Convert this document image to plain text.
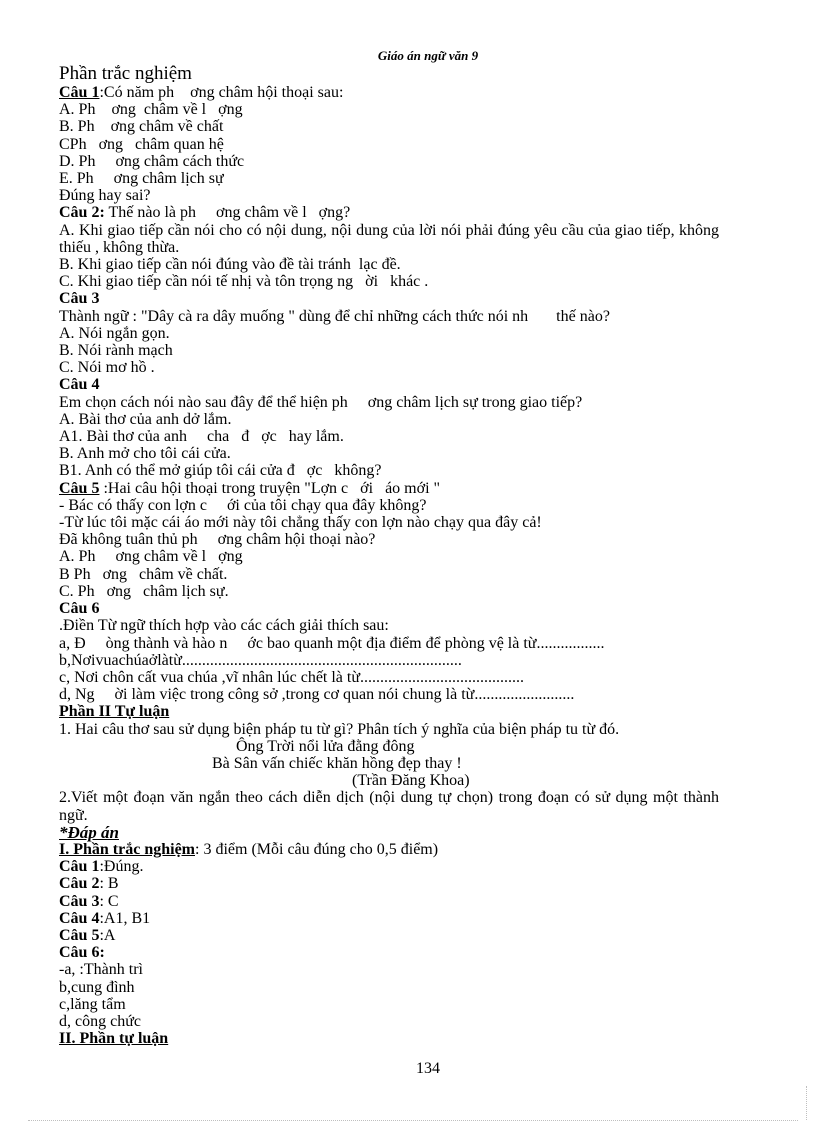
Giáo án ngữ văn 9
Phần trắc nghiệm
Câu 1:Có năm ph    ơng châm hội thoại sau:
A. Ph    ơng  châm về l   ợng
B. Ph    ơng châm về chất
CPh   ơng   châm quan hệ
D. Ph     ơng châm cách thức
E. Ph     ơng châm lịch sự
Đúng hay sai?
Câu 2: Thế nào là ph     ơng châm về l   ợng?
A. Khi giao tiếp cần nói cho có nội dung, nội dung của lời nói phải đúng yêu cầu của giao tiếp, không thiếu , không thừa.
B. Khi giao tiếp cần nói đúng vào đề tài tránh  lạc đề.
C. Khi giao tiếp cần nói tế nhị và tôn trọng ng   ời   khác .
Câu 3
Thành ngữ : "Dây cà ra dây muống " dùng để chỉ những cách thức nói nh       thế nào?
A. Nói ngắn gọn.
B. Nói rành mạch
C. Nói mơ hồ .
Câu 4
Em chọn cách nói nào sau đây để thể hiện ph     ơng châm lịch sự trong giao tiếp?
A. Bài thơ của anh dở lắm.
A1. Bài thơ của anh     cha   đ   ợc   hay lắm.
B. Anh mở cho tôi cái cửa.
B1. Anh có thể mở giúp tôi cái cửa đ   ợc   không?
Câu 5 :Hai câu hội thoại trong truyện "Lợn c   ới   áo mới "
- Bác có thấy con lợn c     ới của tôi chạy qua đây không?
-Từ lúc tôi mặc cái áo mới này tôi chẳng thấy con lợn nào chạy qua đây cả!
Đã không tuân thủ ph     ơng châm hội thoại nào?
A. Ph     ơng châm về l   ợng
B Ph   ơng   châm về chất.
C. Ph   ơng   châm lịch sự.
Câu 6
.Điền Từ ngữ thích hợp vào các cách giải thích sau:
a, Đ     òng thành và hào n     ớc bao quanh một địa điểm để phòng vệ là từ.................
b,Nơivuachúaởlàtừ......................................................................
c, Nơi chôn cất vua chúa ,vĩ nhân lúc chết là từ.........................................
d, Ng     ời làm việc trong công sở ,trong cơ quan nói chung là từ.........................
Phần II Tự luận
1. Hai câu thơ sau sử dụng biện pháp tu từ gì? Phân tích ý nghĩa của biện pháp tu từ đó.
Ông Trời nổi lửa đằng đông
Bà Sân vấn chiếc khăn hồng đẹp thay !
(Trần Đăng Khoa)
2.Viết một đoạn văn ngắn theo cách diễn dịch (nội dung tự chọn) trong đoạn có sử dụng một thành ngữ.
*Đáp án
I. Phần trắc nghiệm: 3 điểm (Mỗi câu đúng cho 0,5 điểm)
Câu 1:Đúng.
Câu 2: B
Câu 3: C
Câu 4:A1, B1
Câu 5:A
Câu 6:
-a, :Thành trì
b,cung đình
c,lăng tẩm
d, công chức
II. Phần tự luận
134
